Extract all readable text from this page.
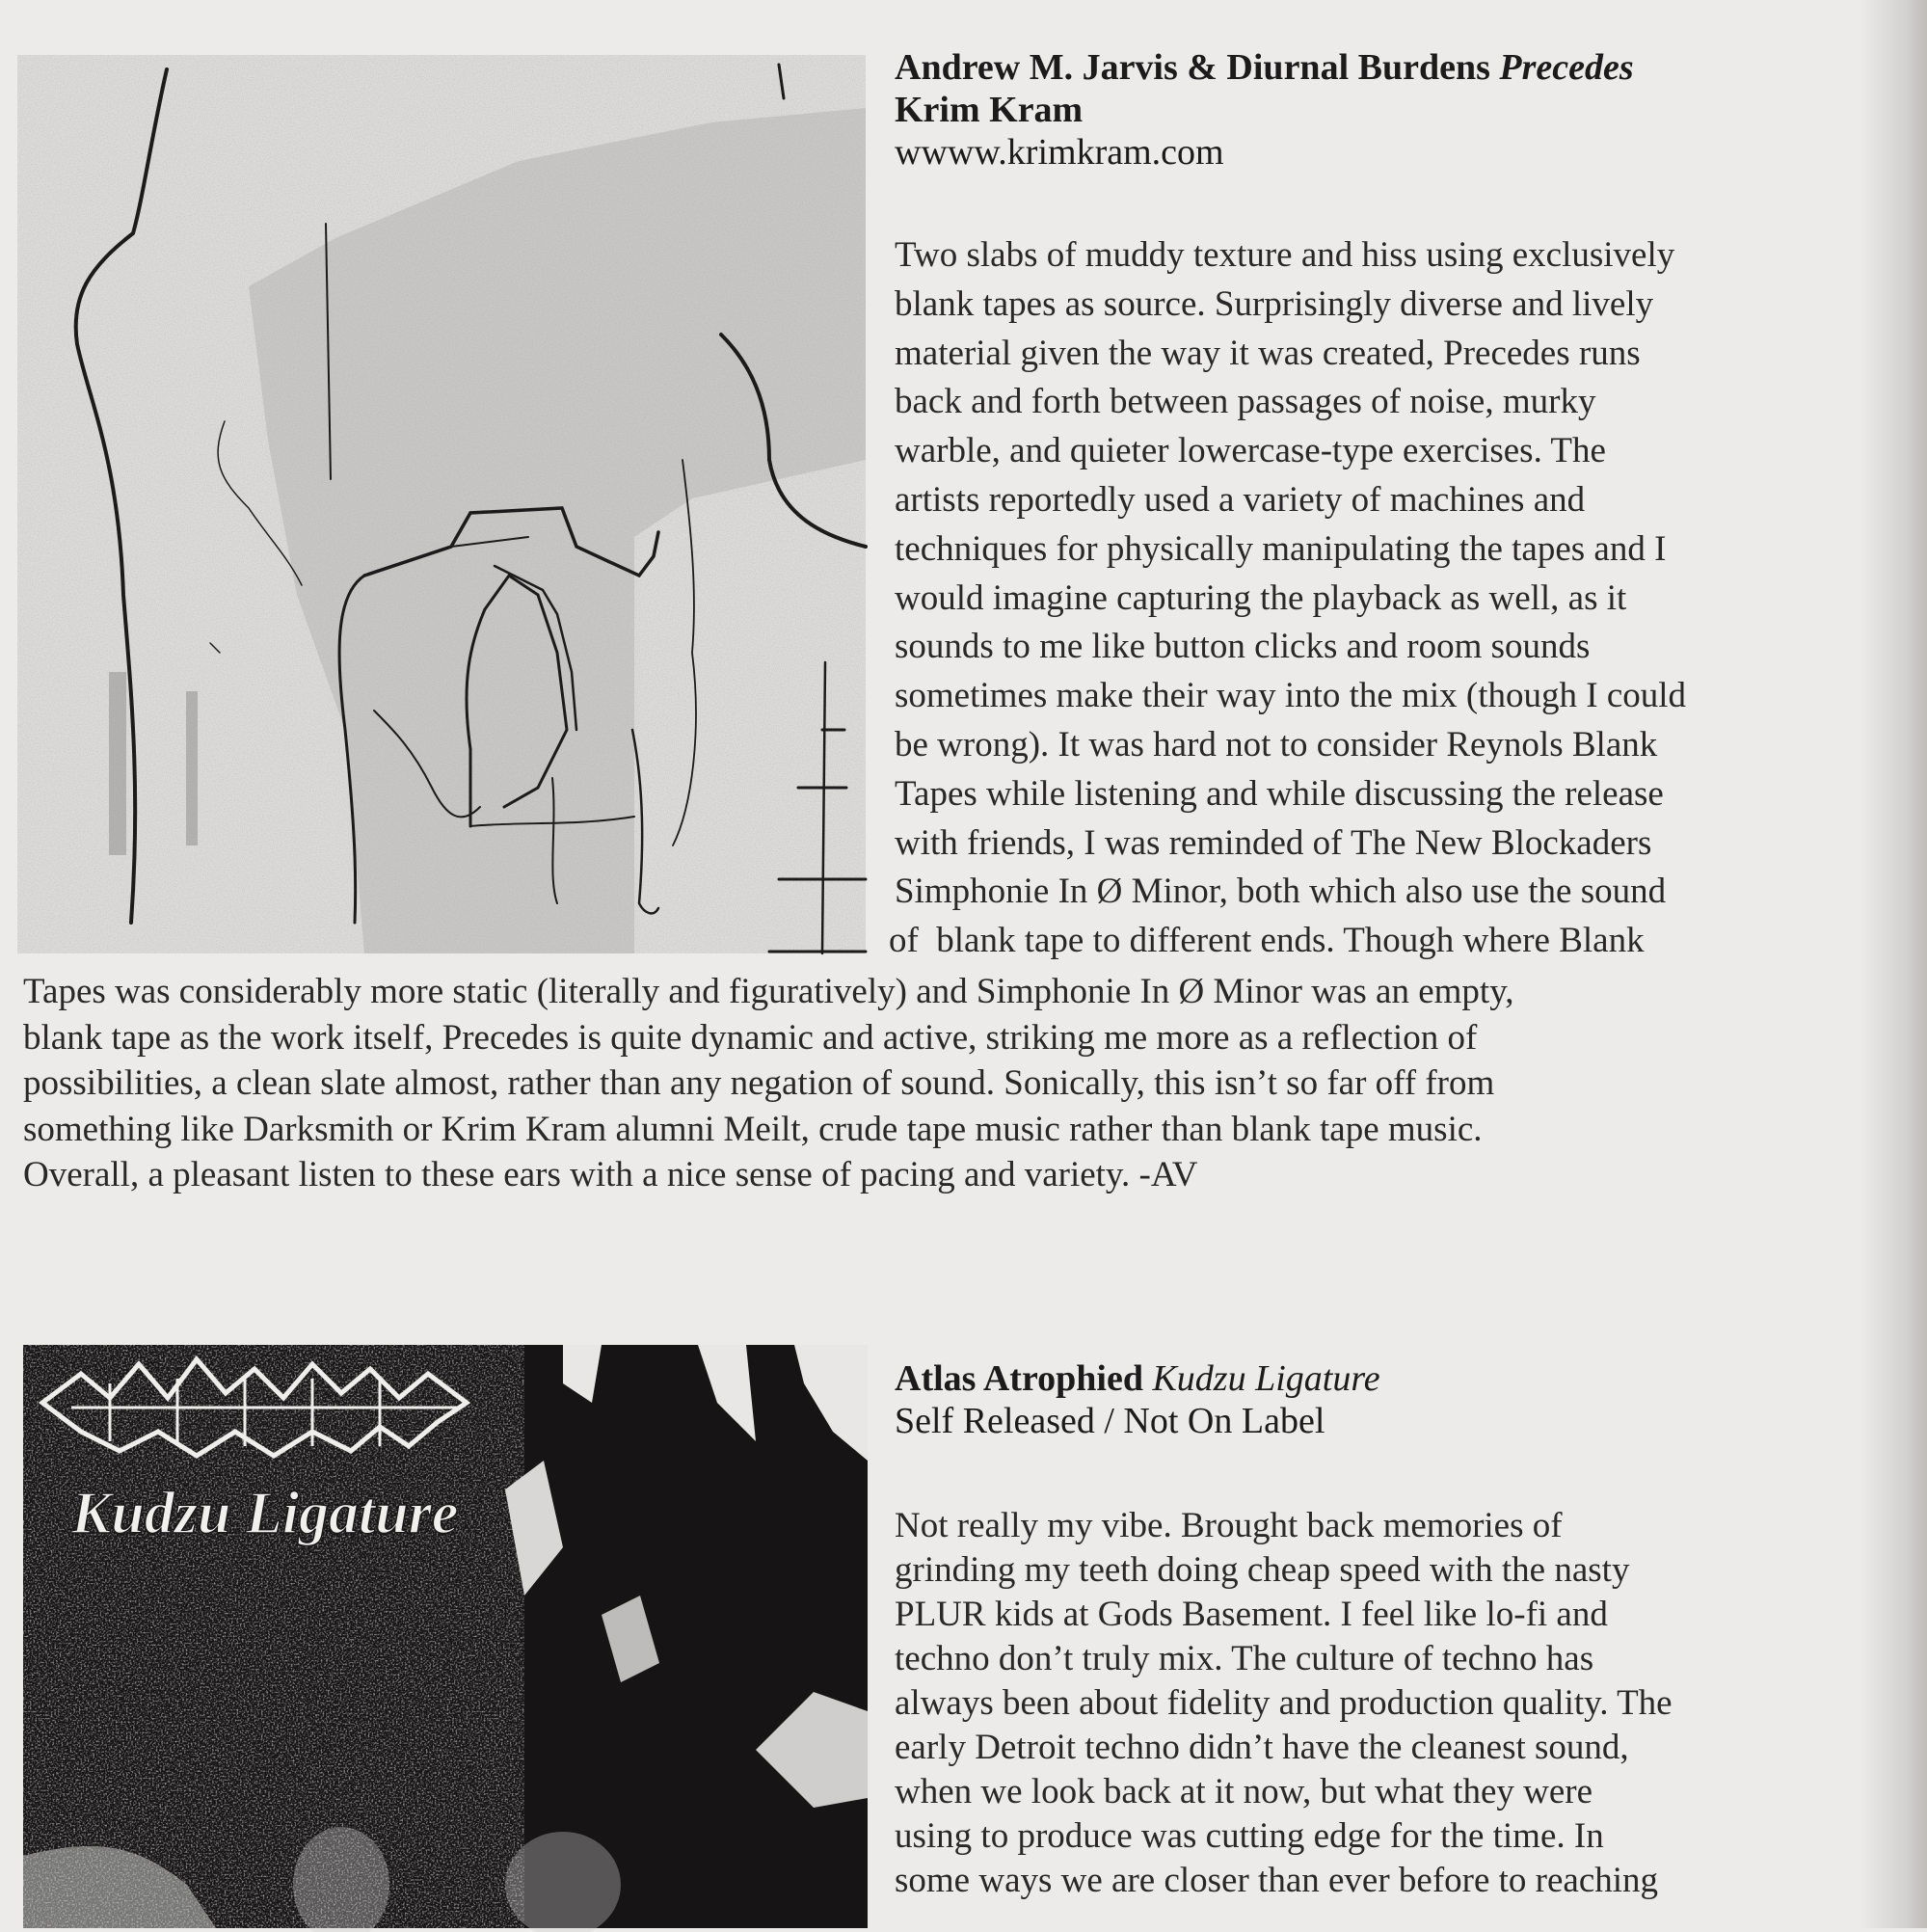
Andrew M. Jarvis & Diurnal Burdens Precedes
Krim Kram
wwww.krimkram.com
Two slabs of muddy texture and hiss using exclusively
blank tapes as source. Surprisingly diverse and lively
material given the way it was created, Precedes runs
back and forth between passages of noise, murky
warble, and quieter lowercase-type exercises. The
artists reportedly used a variety of machines and
techniques for physically manipulating the tapes and I
would imagine capturing the playback as well, as it
sounds to me like button clicks and room sounds
sometimes make their way into the mix (though I could
be wrong). It was hard not to consider Reynols Blank
Tapes while listening and while discussing the release
with friends, I was reminded of The New Blockaders
Simphonie In Ø Minor, both which also use the sound
of blank tape to different ends. Though where Blank
Tapes was considerably more static (literally and figuratively) and Simphonie In Ø Minor was an empty,
blank tape as the work itself, Precedes is quite dynamic and active, striking me more as a reflection of
possibilities, a clean slate almost, rather than any negation of sound. Sonically, this isn’t so far off from
something like Darksmith or Krim Kram alumni Meilt, crude tape music rather than blank tape music.
Overall, a pleasant listen to these ears with a nice sense of pacing and variety. -AV
Kudzu Ligature
Atlas Atrophied Kudzu Ligature
Self Released / Not On Label
Not really my vibe. Brought back memories of
grinding my teeth doing cheap speed with the nasty
PLUR kids at Gods Basement. I feel like lo-fi and
techno don’t truly mix. The culture of techno has
always been about fidelity and production quality. The
early Detroit techno didn’t have the cleanest sound,
when we look back at it now, but what they were
using to produce was cutting edge for the time. In
some ways we are closer than ever before to reaching
